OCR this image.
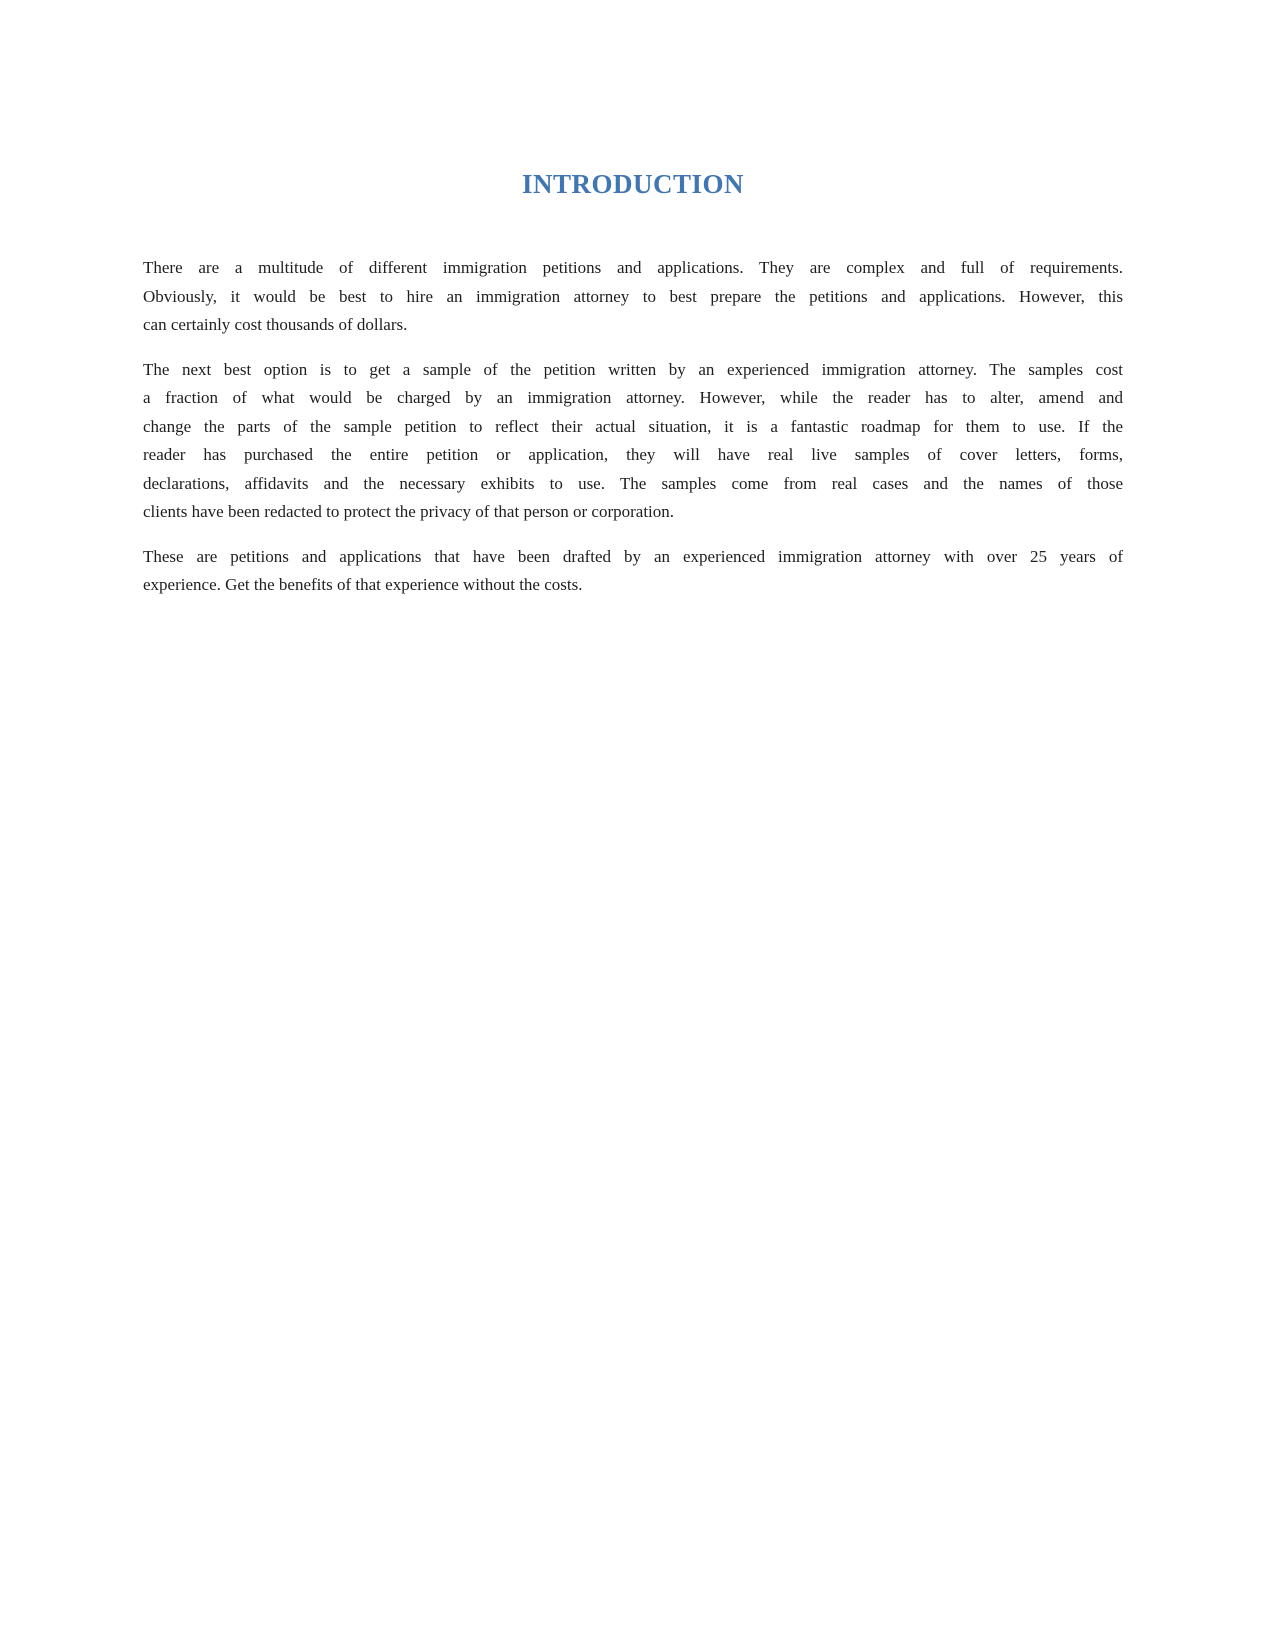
INTRODUCTION
There are a multitude of different immigration petitions and applications. They are complex and full of requirements.
Obviously, it would be best to hire an immigration attorney to best prepare the petitions and applications. However, this
can certainly cost thousands of dollars.
The next best option is to get a sample of the petition written by an experienced immigration attorney. The samples cost
a fraction of what would be charged by an immigration attorney. However, while the reader has to alter, amend and
change the parts of the sample petition to reflect their actual situation, it is a fantastic roadmap for them to use. If the
reader has purchased the entire petition or application, they will have real live samples of cover letters, forms,
declarations, affidavits and the necessary exhibits to use. The samples come from real cases and the names of those
clients have been redacted to protect the privacy of that person or corporation.
These are petitions and applications that have been drafted by an experienced immigration attorney with over 25 years of
experience. Get the benefits of that experience without the costs.
